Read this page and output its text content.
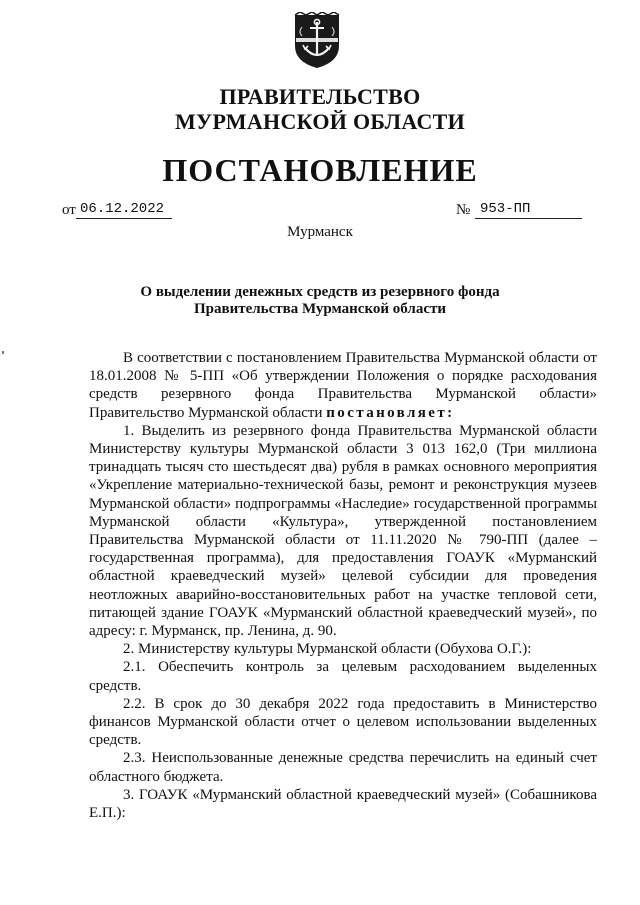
ПРАВИТЕЛЬСТВО
МУРМАНСКОЙ ОБЛАСТИ
ПОСТАНОВЛЕНИЕ
от 06.12.2022	№ 953-ПП
Мурманск
О выделении денежных средств из резервного фонда
Правительства Мурманской области

В соответствии с постановлением Правительства Мурманской области от 18.01.2008 № 5-ПП «Об утверждении Положения о порядке расходования средств резервного фонда Правительства Мурманской области» Правительство Мурманской области постановляет:

1. Выделить из резервного фонда Правительства Мурманской области Министерству культуры Мурманской области 3 013 162,0 (Три миллиона тринадцать тысяч сто шестьдесят два) рубля в рамках основного мероприятия «Укрепление материально-технической базы, ремонт и реконструкция музеев Мурманской области» подпрограммы «Наследие» государственной программы Мурманской области «Культура», утвержденной постановлением Правительства Мурманской области от 11.11.2020 № 790-ПП (далее – государственная программа), для предоставления ГОАУК «Мурманский областной краеведческий музей» целевой субсидии для проведения неотложных аварийно-восстановительных работ на участке тепловой сети, питающей здание ГОАУК «Мурманский областной краеведческий музей», по адресу: г. Мурманск, пр. Ленина, д. 90.

2. Министерству культуры Мурманской области (Обухова О.Г.):

2.1. Обеспечить контроль за целевым расходованием выделенных средств.

2.2. В срок до 30 декабря 2022 года предоставить в Министерство финансов Мурманской области отчет о целевом использовании выделенных средств.

2.3. Неиспользованные денежные средства перечислить на единый счет областного бюджета.

3. ГОАУК «Мурманский областной краеведческий музей» (Собашникова Е.П.):
